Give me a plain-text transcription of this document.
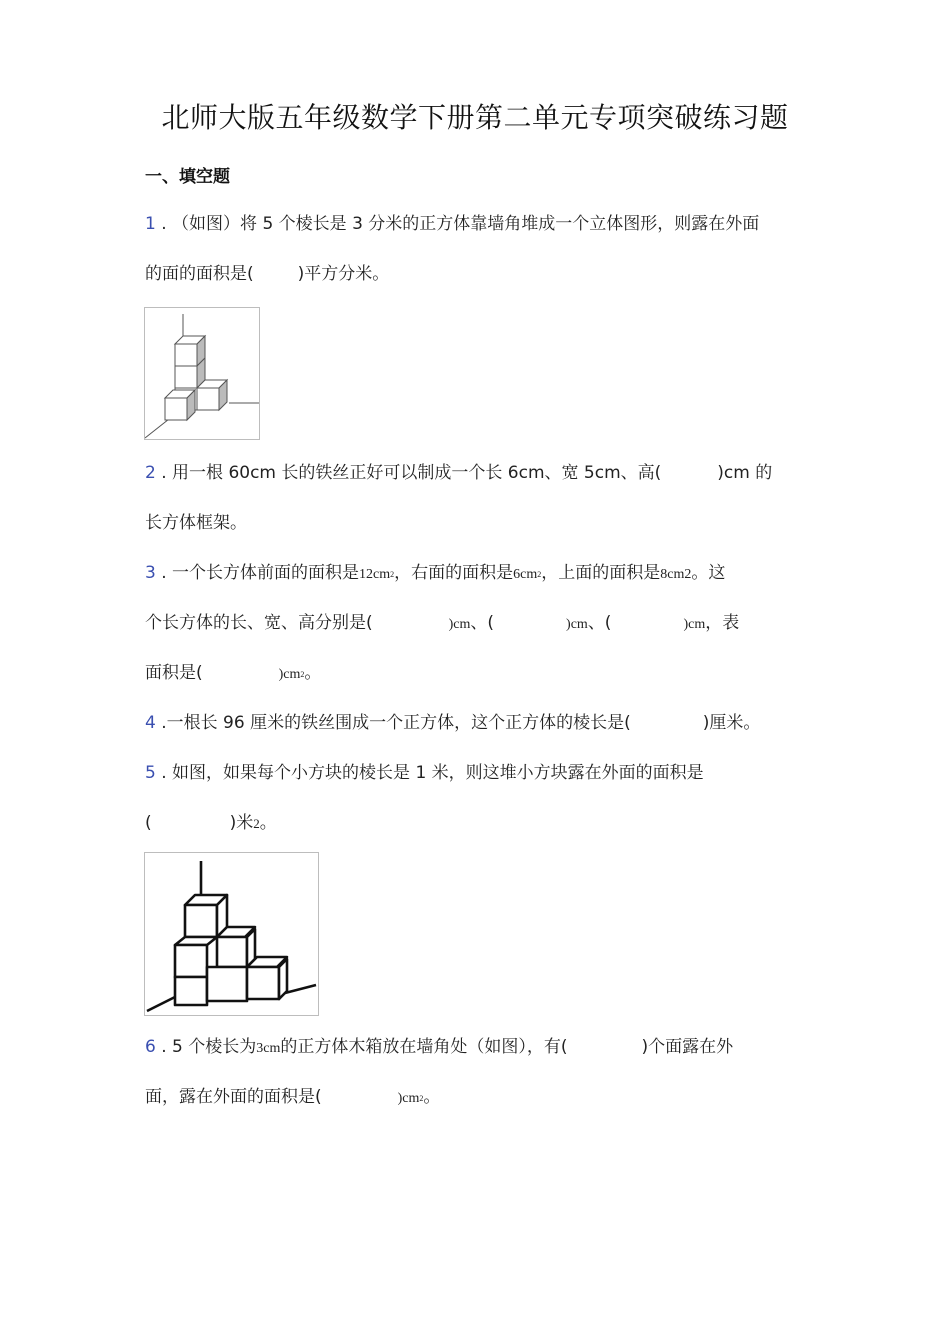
北师大版五年级数学下册第二单元专项突破练习题
一、填空题
1 . （如图）将 5 个棱长是 3 分米的正方体靠墙角堆成一个立体图形，则露在外面
的面的面积是(	)平方分米。
2 . 用一根 60cm 长的铁丝正好可以制成一个长 6cm、宽 5cm、高(	)cm 的
长方体框架。
3 . 一个长方体前面的面积是12cm2，右面的面积是6cm2，上面的面积是8cm2。这
个长方体的长、宽、高分别是(	)cm、(	)cm、(	)cm，表
面积是(	)cm2。
4 .一根长 96 厘米的铁丝围成一个正方体，这个正方体的棱长是(	)厘米。
5 . 如图，如果每个小方块的棱长是 1 米，则这堆小方块露在外面的面积是
(	)米2。
6 . 5 个棱长为3cm的正方体木箱放在墙角处（如图），有(	)个面露在外
面，露在外面的面积是(	)cm2。
